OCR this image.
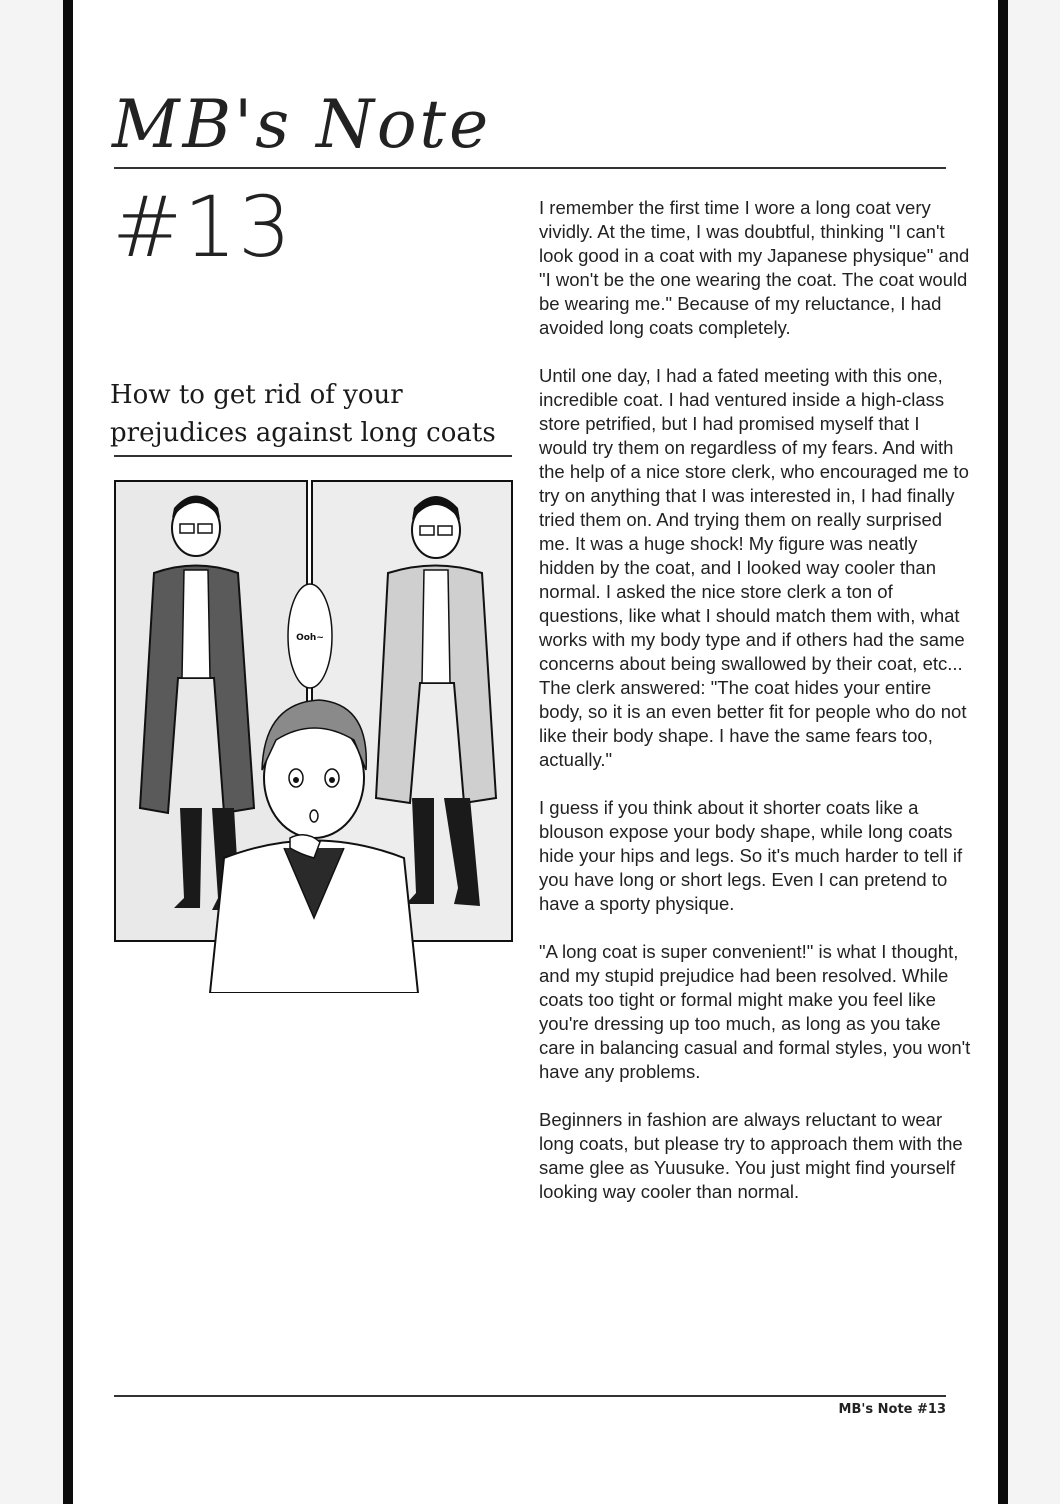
MB's Note
#13
How to get rid of your prejudices against long coats
Ooh~

I remember the first time I wore a long coat very vividly. At the time, I was doubtful, thinking "I can't look good in a coat with my Japanese physique" and "I won't be the one wearing the coat. The coat would be wearing me." Because of my reluctance, I had avoided long coats completely.

Until one day, I had a fated meeting with this one, incredible coat. I had ventured inside a high-class store petrified, but I had promised myself that I would try them on regardless of my fears. And with the help of a nice store clerk, who encouraged me to try on anything that I was interested in, I had finally tried them on. And trying them on really surprised me. It was a huge shock! My figure was neatly hidden by the coat, and I looked way cooler than normal. I asked the nice store clerk a ton of questions, like what I should match them with, what works with my body type and if others had the same concerns about being swallowed by their coat, etc... The clerk answered: "The coat hides your entire body, so it is an even better fit for people who do not like their body shape. I have the same fears too, actually."

I guess if you think about it shorter coats like a blouson expose your body shape, while long coats hide your hips and legs. So it's much harder to tell if you have long or short legs. Even I can pretend to have a sporty physique.

"A long coat is super convenient!" is what I thought, and my stupid prejudice had been resolved. While coats too tight or formal might make you feel like you're dressing up too much, as long as you take care in balancing casual and formal styles, you won't have any problems.

Beginners in fashion are always reluctant to wear long coats, but please try to approach them with the same glee as Yuusuke. You just might find yourself looking way cooler than normal.

MB's Note #13
